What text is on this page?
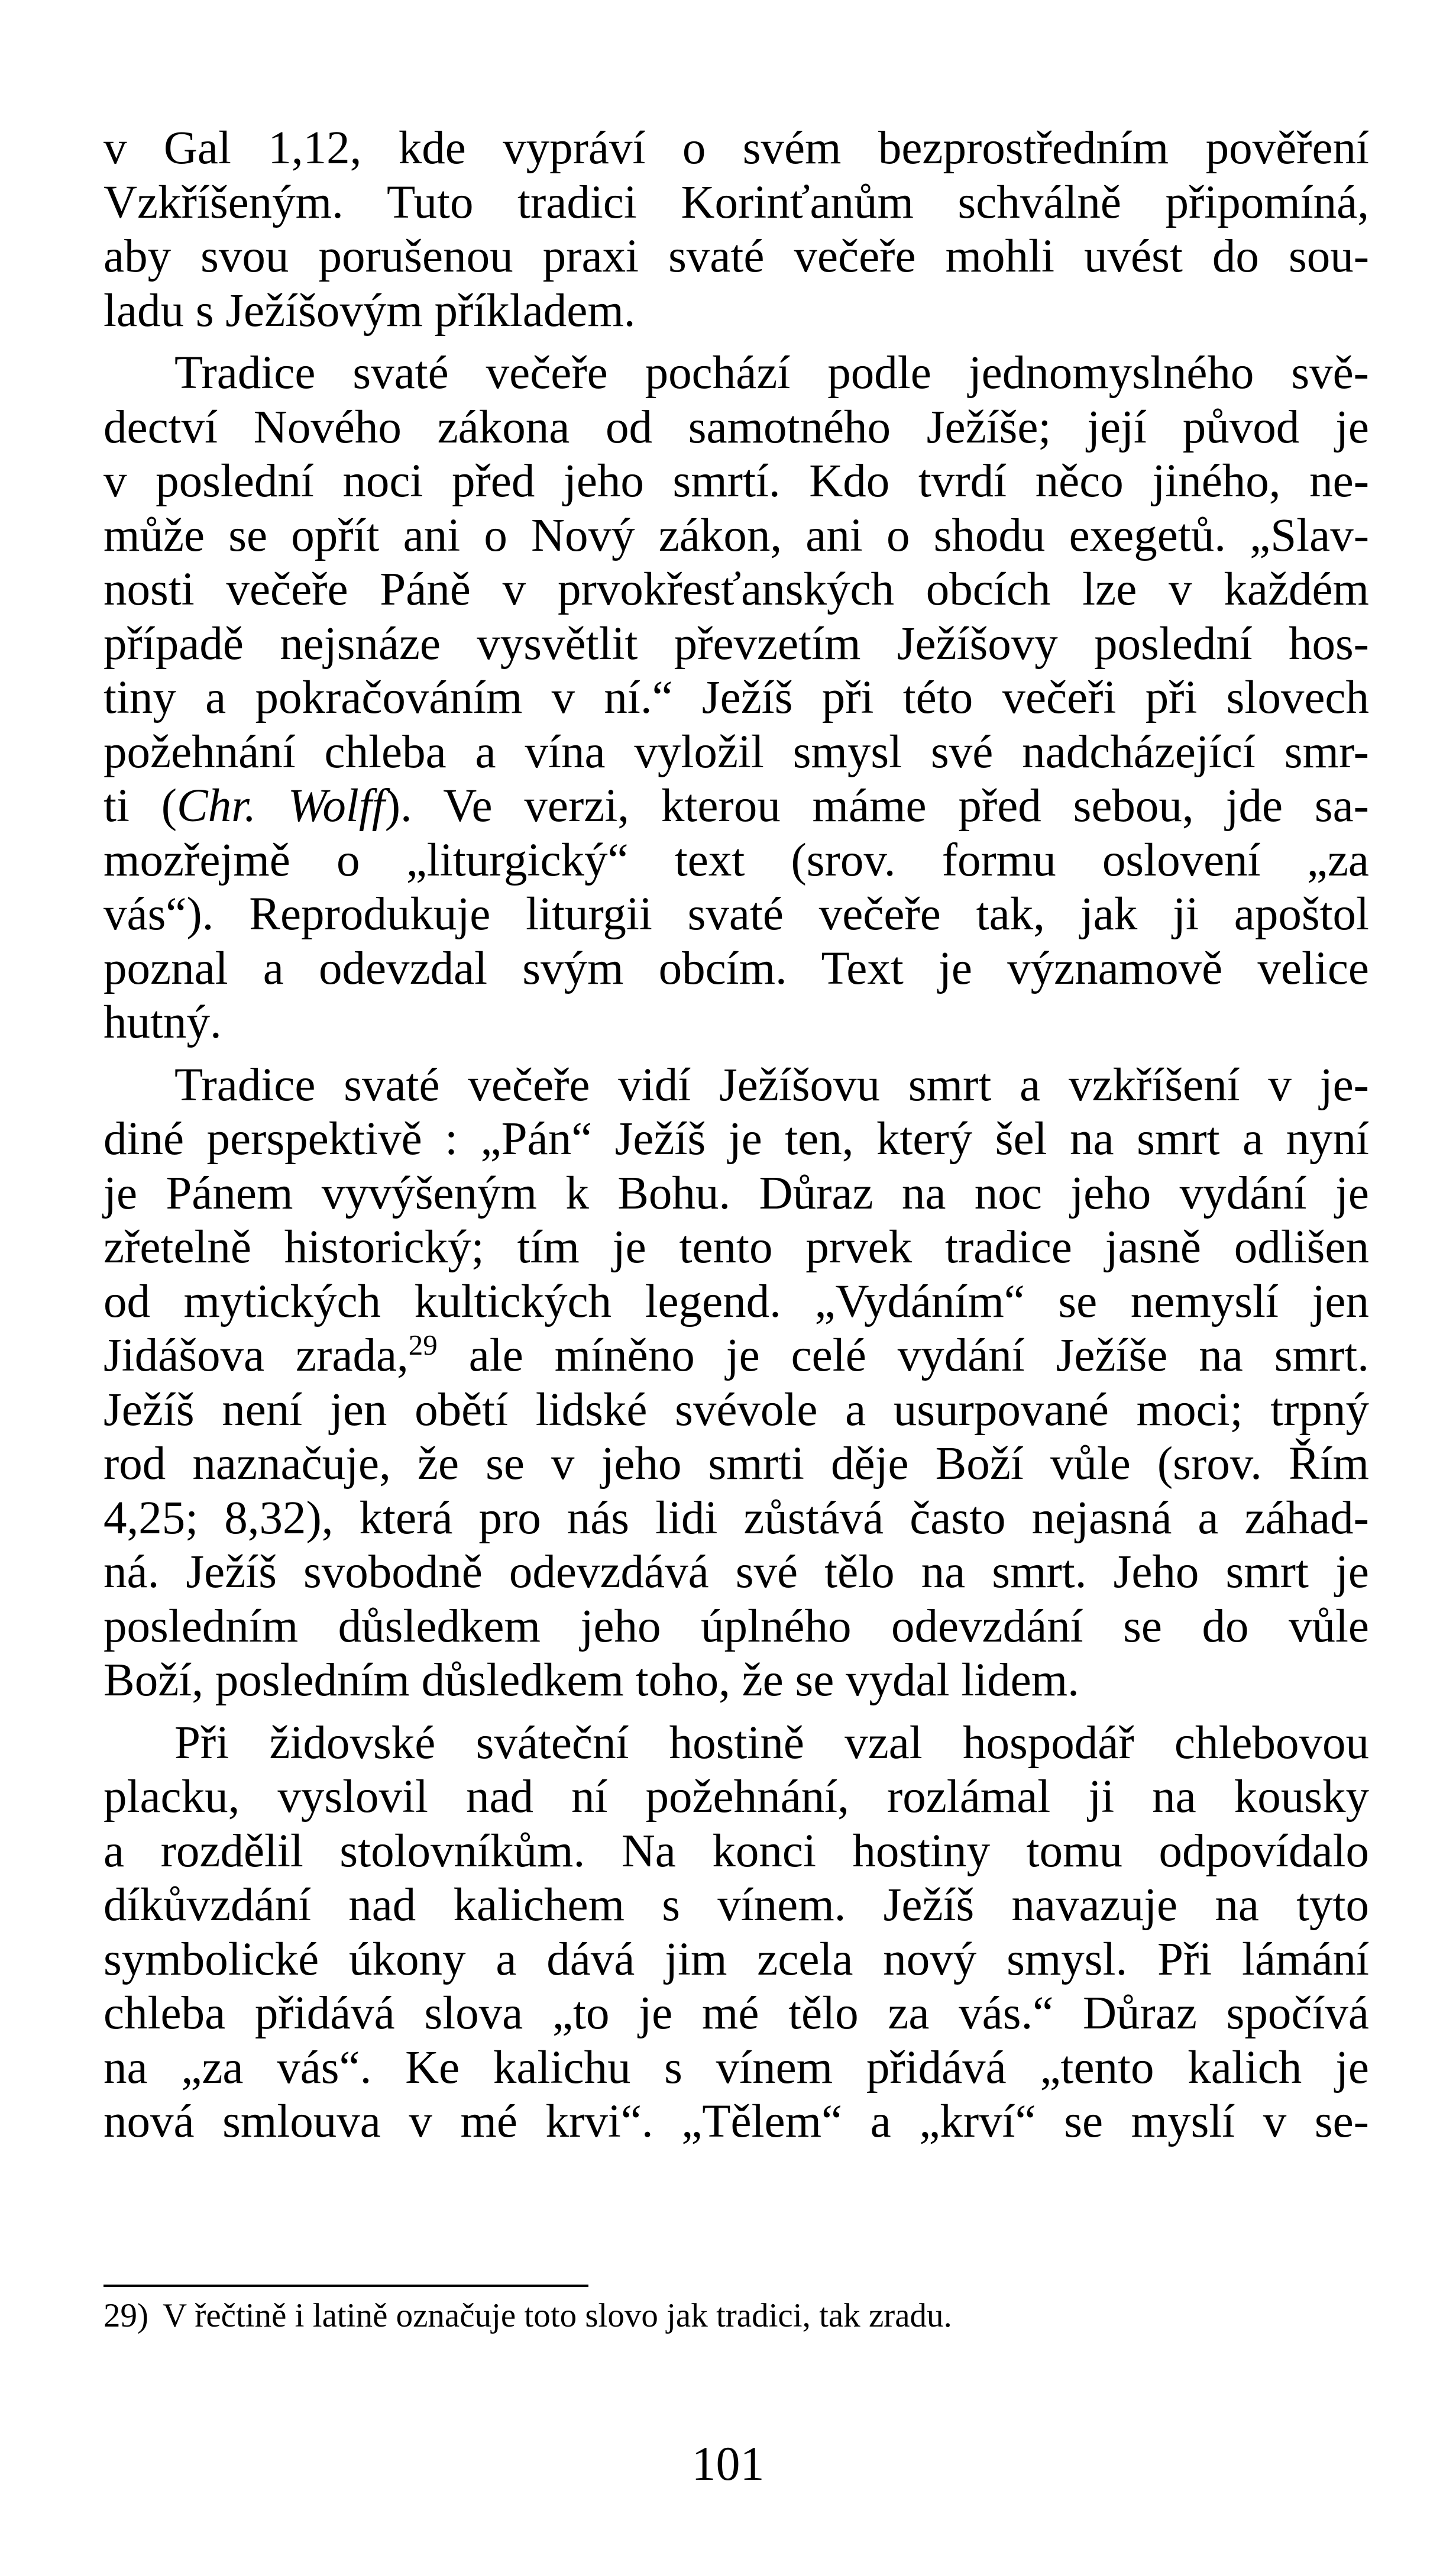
v Gal 1,12, kde vypráví o svém bezprostředním pověření
Vzkříšeným. Tuto tradici Korinťanům schválně připomíná,
aby svou porušenou praxi svaté večeře mohli uvést do sou-
ladu s Ježíšovým příkladem.
Tradice svaté večeře pochází podle jednomyslného svě-
dectví Nového zákona od samotného Ježíše; její původ je
v poslední noci před jeho smrtí. Kdo tvrdí něco jiného, ne-
může se opřít ani o Nový zákon, ani o shodu exegetů. „Slav-
nosti večeře Páně v prvokřesťanských obcích lze v každém
případě nejsnáze vysvětlit převzetím Ježíšovy poslední hos-
tiny a pokračováním v ní.“ Ježíš při této večeři při slovech
požehnání chleba a vína vyložil smysl své nadcházející smr-
ti (Chr. Wolff). Ve verzi, kterou máme před sebou, jde sa-
mozřejmě o „liturgický“ text (srov. formu oslovení „za
vás“). Reprodukuje liturgii svaté večeře tak, jak ji apoštol
poznal a odevzdal svým obcím. Text je významově velice
hutný.
Tradice svaté večeře vidí Ježíšovu smrt a vzkříšení v je-
diné perspektivě : „Pán“ Ježíš je ten, který šel na smrt a nyní
je Pánem vyvýšeným k Bohu. Důraz na noc jeho vydání je
zřetelně historický; tím je tento prvek tradice jasně odlišen
od mytických kultických legend. „Vydáním“ se nemyslí jen
Jidášova zrada,$^{29}$ ale míněno je celé vydání Ježíše na smrt.
Ježíš není jen obětí lidské svévole a usurpované moci; trpný
rod naznačuje, že se v jeho smrti děje Boží vůle (srov. Řím
4,25; 8,32), která pro nás lidi zůstává často nejasná a záhad-
ná. Ježíš svobodně odevzdává své tělo na smrt. Jeho smrt je
posledním důsledkem jeho úplného odevzdání se do vůle
Boží, posledním důsledkem toho, že se vydal lidem.
Při židovské sváteční hostině vzal hospodář chlebovou
placku, vyslovil nad ní požehnání, rozlámal ji na kousky
a rozdělil stolovníkům. Na konci hostiny tomu odpovídalo
díkůvzdání nad kalichem s vínem. Ježíš navazuje na tyto
symbolické úkony a dává jim zcela nový smysl. Při lámání
chleba přidává slova „to je mé tělo za vás.“ Důraz spočívá
na „za vás“. Ke kalichu s vínem přidává „tento kalich je
nová smlouva v mé krvi“. „Tělem“ a „krví“ se myslí v se-
29) V řečtině i latině označuje toto slovo jak tradici, tak zradu.
101
